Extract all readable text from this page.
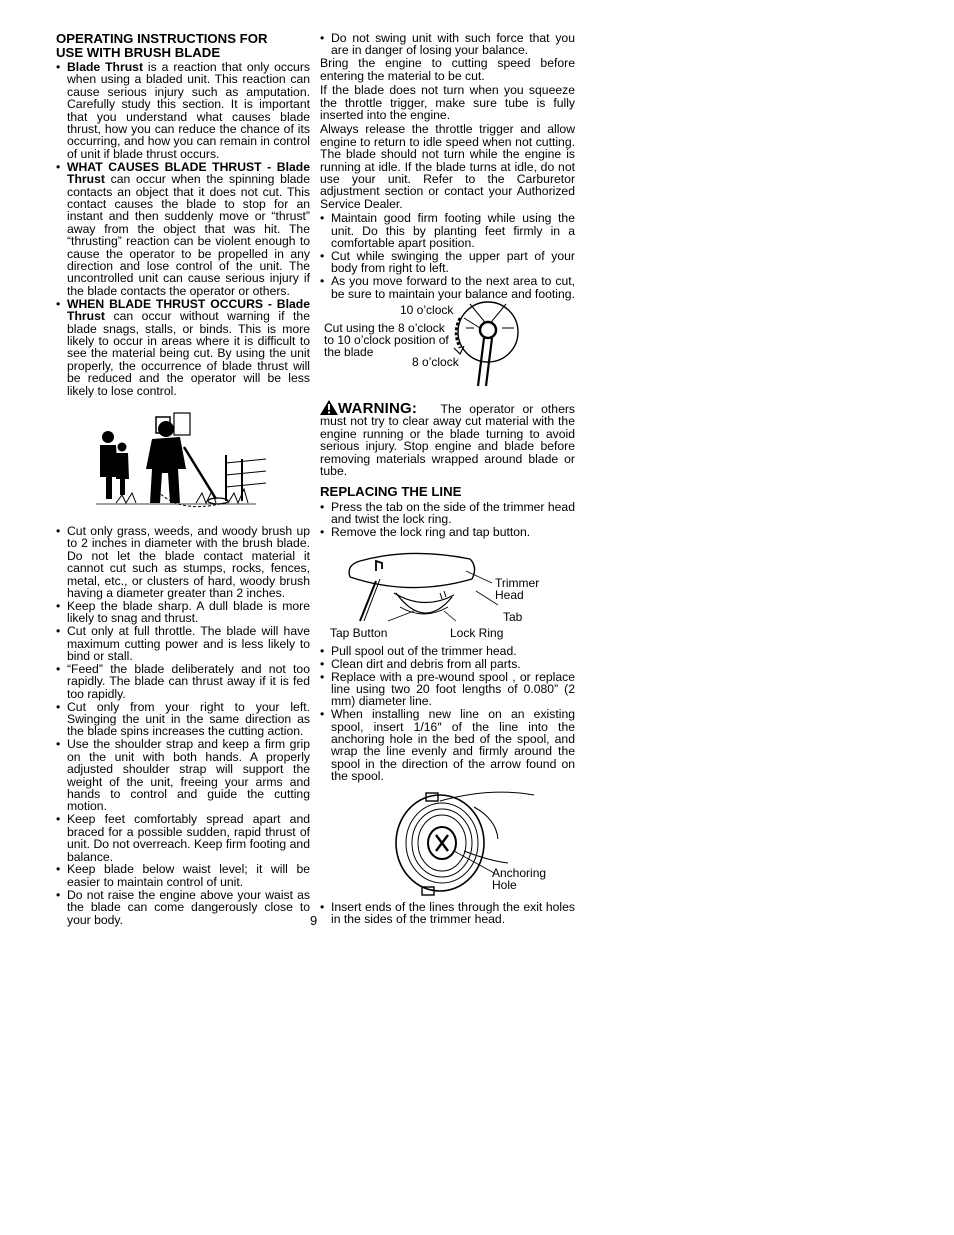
OPERATING INSTRUCTIONS FOR
USE WITH BRUSH BLADE
• Blade Thrust is a reaction that only occurs when using a bladed unit. This reaction can cause serious injury such as amputation. Carefully study this section. It is important that you understand what causes blade thrust, how you can reduce the chance of its occurring, and how you can remain in control of unit if blade thrust occurs.
• WHAT CAUSES BLADE THRUST - Blade Thrust can occur when the spinning blade contacts an object that it does not cut. This contact causes the blade to stop for an instant and then suddenly move or “thrust” away from the object that was hit. The “thrusting” reaction can be violent enough to cause the operator to be propelled in any direction and lose control of the unit. The uncontrolled unit can cause serious injury if the blade contacts the operator or others.
• WHEN BLADE THRUST OCCURS - Blade Thrust can occur without warning if the blade snags, stalls, or binds. This is more likely to occur in areas where it is difficult to see the material being cut. By using the unit properly, the occurrence of blade thrust will be reduced and the operator will be less likely to lose control.
• Cut only grass, weeds, and woody brush up to 2 inches in diameter with the brush blade. Do not let the blade contact material it cannot cut such as stumps, rocks, fences, metal, etc., or clusters of hard, woody brush having a diameter greater than 2 inches.
• Keep the blade sharp. A dull blade is more likely to snag and thrust.
• Cut only at full throttle. The blade will have maximum cutting power and is less likely to bind or stall.
• “Feed” the blade deliberately and not too rapidly. The blade can thrust away if it is fed too rapidly.
• Cut only from your right to your left. Swinging the unit in the same direction as the blade spins increases the cutting action.
• Use the shoulder strap and keep a firm grip on the unit with both hands. A properly adjusted shoulder strap will support the weight of the unit, freeing your arms and hands to control and guide the cutting motion.
• Keep feet comfortably spread apart and braced for a possible sudden, rapid thrust of unit. Do not overreach. Keep firm footing and balance.
• Keep blade below waist level; it will be easier to maintain control of unit.
• Do not raise the engine above your waist as the blade can come dangerously close to your body.
• Do not swing unit with such force that you are in danger of losing your balance.

Bring the engine to cutting speed before entering the material to be cut.

If the blade does not turn when you squeeze the throttle trigger, make sure tube is fully inserted into the engine.

Always release the throttle trigger and allow engine to return to idle speed when not cutting. The blade should not turn while the engine is running at idle. If the blade turns at idle, do not use your unit. Refer to the Carburetor adjustment section or contact your Authorized Service Dealer.

• Maintain good firm footing while using the unit. Do this by planting feet firmly in a comfortable apart position.
• Cut while swinging the upper part of your body from right to left.
• As you move forward to the next area to cut, be sure to maintain your balance and footing.
10 o’clock
Cut using the 8 o’clock
to 10 o’clock position of
the blade
8 o’clock

WARNING: The operator or others must not try to clear away cut material with the engine running or the blade turning to avoid serious injury. Stop engine and blade before removing materials wrapped around blade or tube.

REPLACING THE LINE
• Press the tab on the side of the trimmer head and twist the lock ring.
• Remove the lock ring and tap button.
Trimmer
Head
Tab
Tap Button	Lock Ring
• Pull spool out of the trimmer head.
• Clean dirt and debris from all parts.
• Replace with a pre-wound spool , or replace line using two 20 foot lengths of 0.080” (2 mm) diameter line.
• When installing new line on an existing spool, insert 1/16″ of the line into the anchoring hole in the bed of the spool, and wrap the line evenly and firmly around the spool in the direction of the arrow found on the spool.
Anchoring
Hole
• Insert ends of the lines through the exit holes in the sides of the trimmer head.
9
